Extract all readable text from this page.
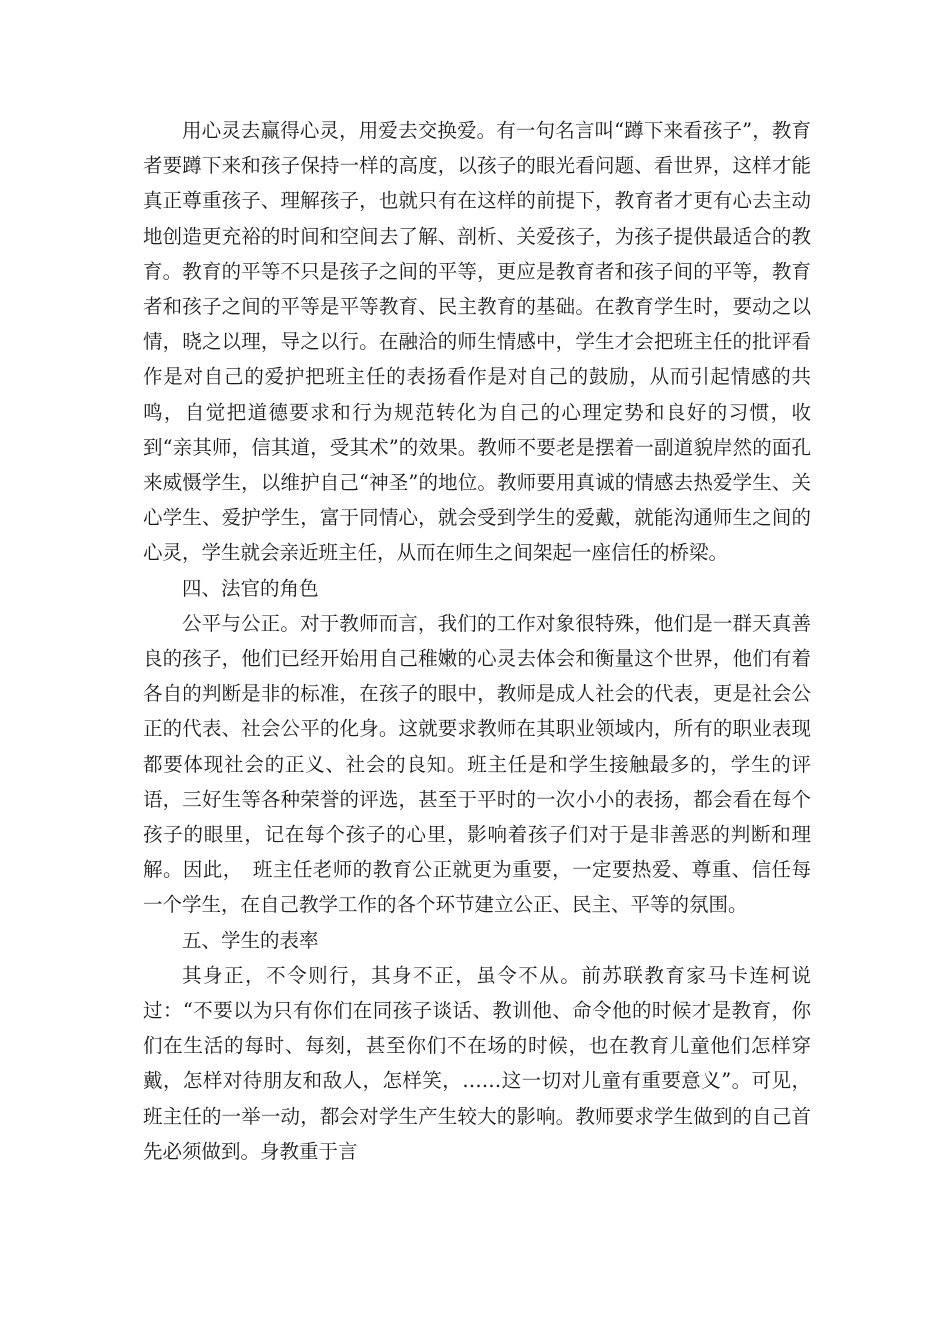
用心灵去赢得心灵，用爱去交换爱。有一句名言叫“蹲下来看孩子”，教育者要蹲下来和孩子保持一样的高度，以孩子的眼光看问题、看世界，这样才能真正尊重孩子、理解孩子，也就只有在这样的前提下，教育者才更有心去主动地创造更充裕的时间和空间去了解、剖析、关爱孩子，为孩子提供最适合的教育。教育的平等不只是孩子之间的平等，更应是教育者和孩子间的平等，教育者和孩子之间的平等是平等教育、民主教育的基础。在教育学生时，要动之以情，晓之以理，导之以行。在融洽的师生情感中，学生才会把班主任的批评看作是对自己的爱护把班主任的表扬看作是对自己的鼓励，从而引起情感的共鸣，自觉把道德要求和行为规范转化为自己的心理定势和良好的习惯，收到“亲其师，信其道，受其术”的效果。教师不要老是摆着一副道貌岸然的面孔来威慑学生，以维护自己“神圣”的地位。教师要用真诚的情感去热爱学生、关心学生、爱护学生，富于同情心，就会受到学生的爱戴，就能沟通师生之间的心灵，学生就会亲近班主任，从而在师生之间架起一座信任的桥梁。

四、法官的角色

公平与公正。对于教师而言，我们的工作对象很特殊，他们是一群天真善良的孩子，他们已经开始用自己稚嫩的心灵去体会和衡量这个世界，他们有着各自的判断是非的标准，在孩子的眼中，教师是成人社会的代表，更是社会公正的代表、社会公平的化身。这就要求教师在其职业领域内，所有的职业表现都要体现社会的正义、社会的良知。班主任是和学生接触最多的，学生的评语，三好生等各种荣誉的评选，甚至于平时的一次小小的表扬，都会看在每个孩子的眼里，记在每个孩子的心里，影响着孩子们对于是非善恶的判断和理解。因此，　班主任老师的教育公正就更为重要，一定要热爱、尊重、信任每一个学生，在自己教学工作的各个环节建立公正、民主、平等的氛围。

五、学生的表率

其身正，不令则行，其身不正，虽令不从。前苏联教育家马卡连柯说过：“不要以为只有你们在同孩子谈话、教训他、命令他的时候才是教育，你们在生活的每时、每刻，甚至你们不在场的时候，也在教育儿童他们怎样穿戴，怎样对待朋友和敌人，怎样笑，……这一切对儿童有重要意义”。可见，班主任的一举一动，都会对学生产生较大的影响。教师要求学生做到的自己首先必须做到。身教重于言
